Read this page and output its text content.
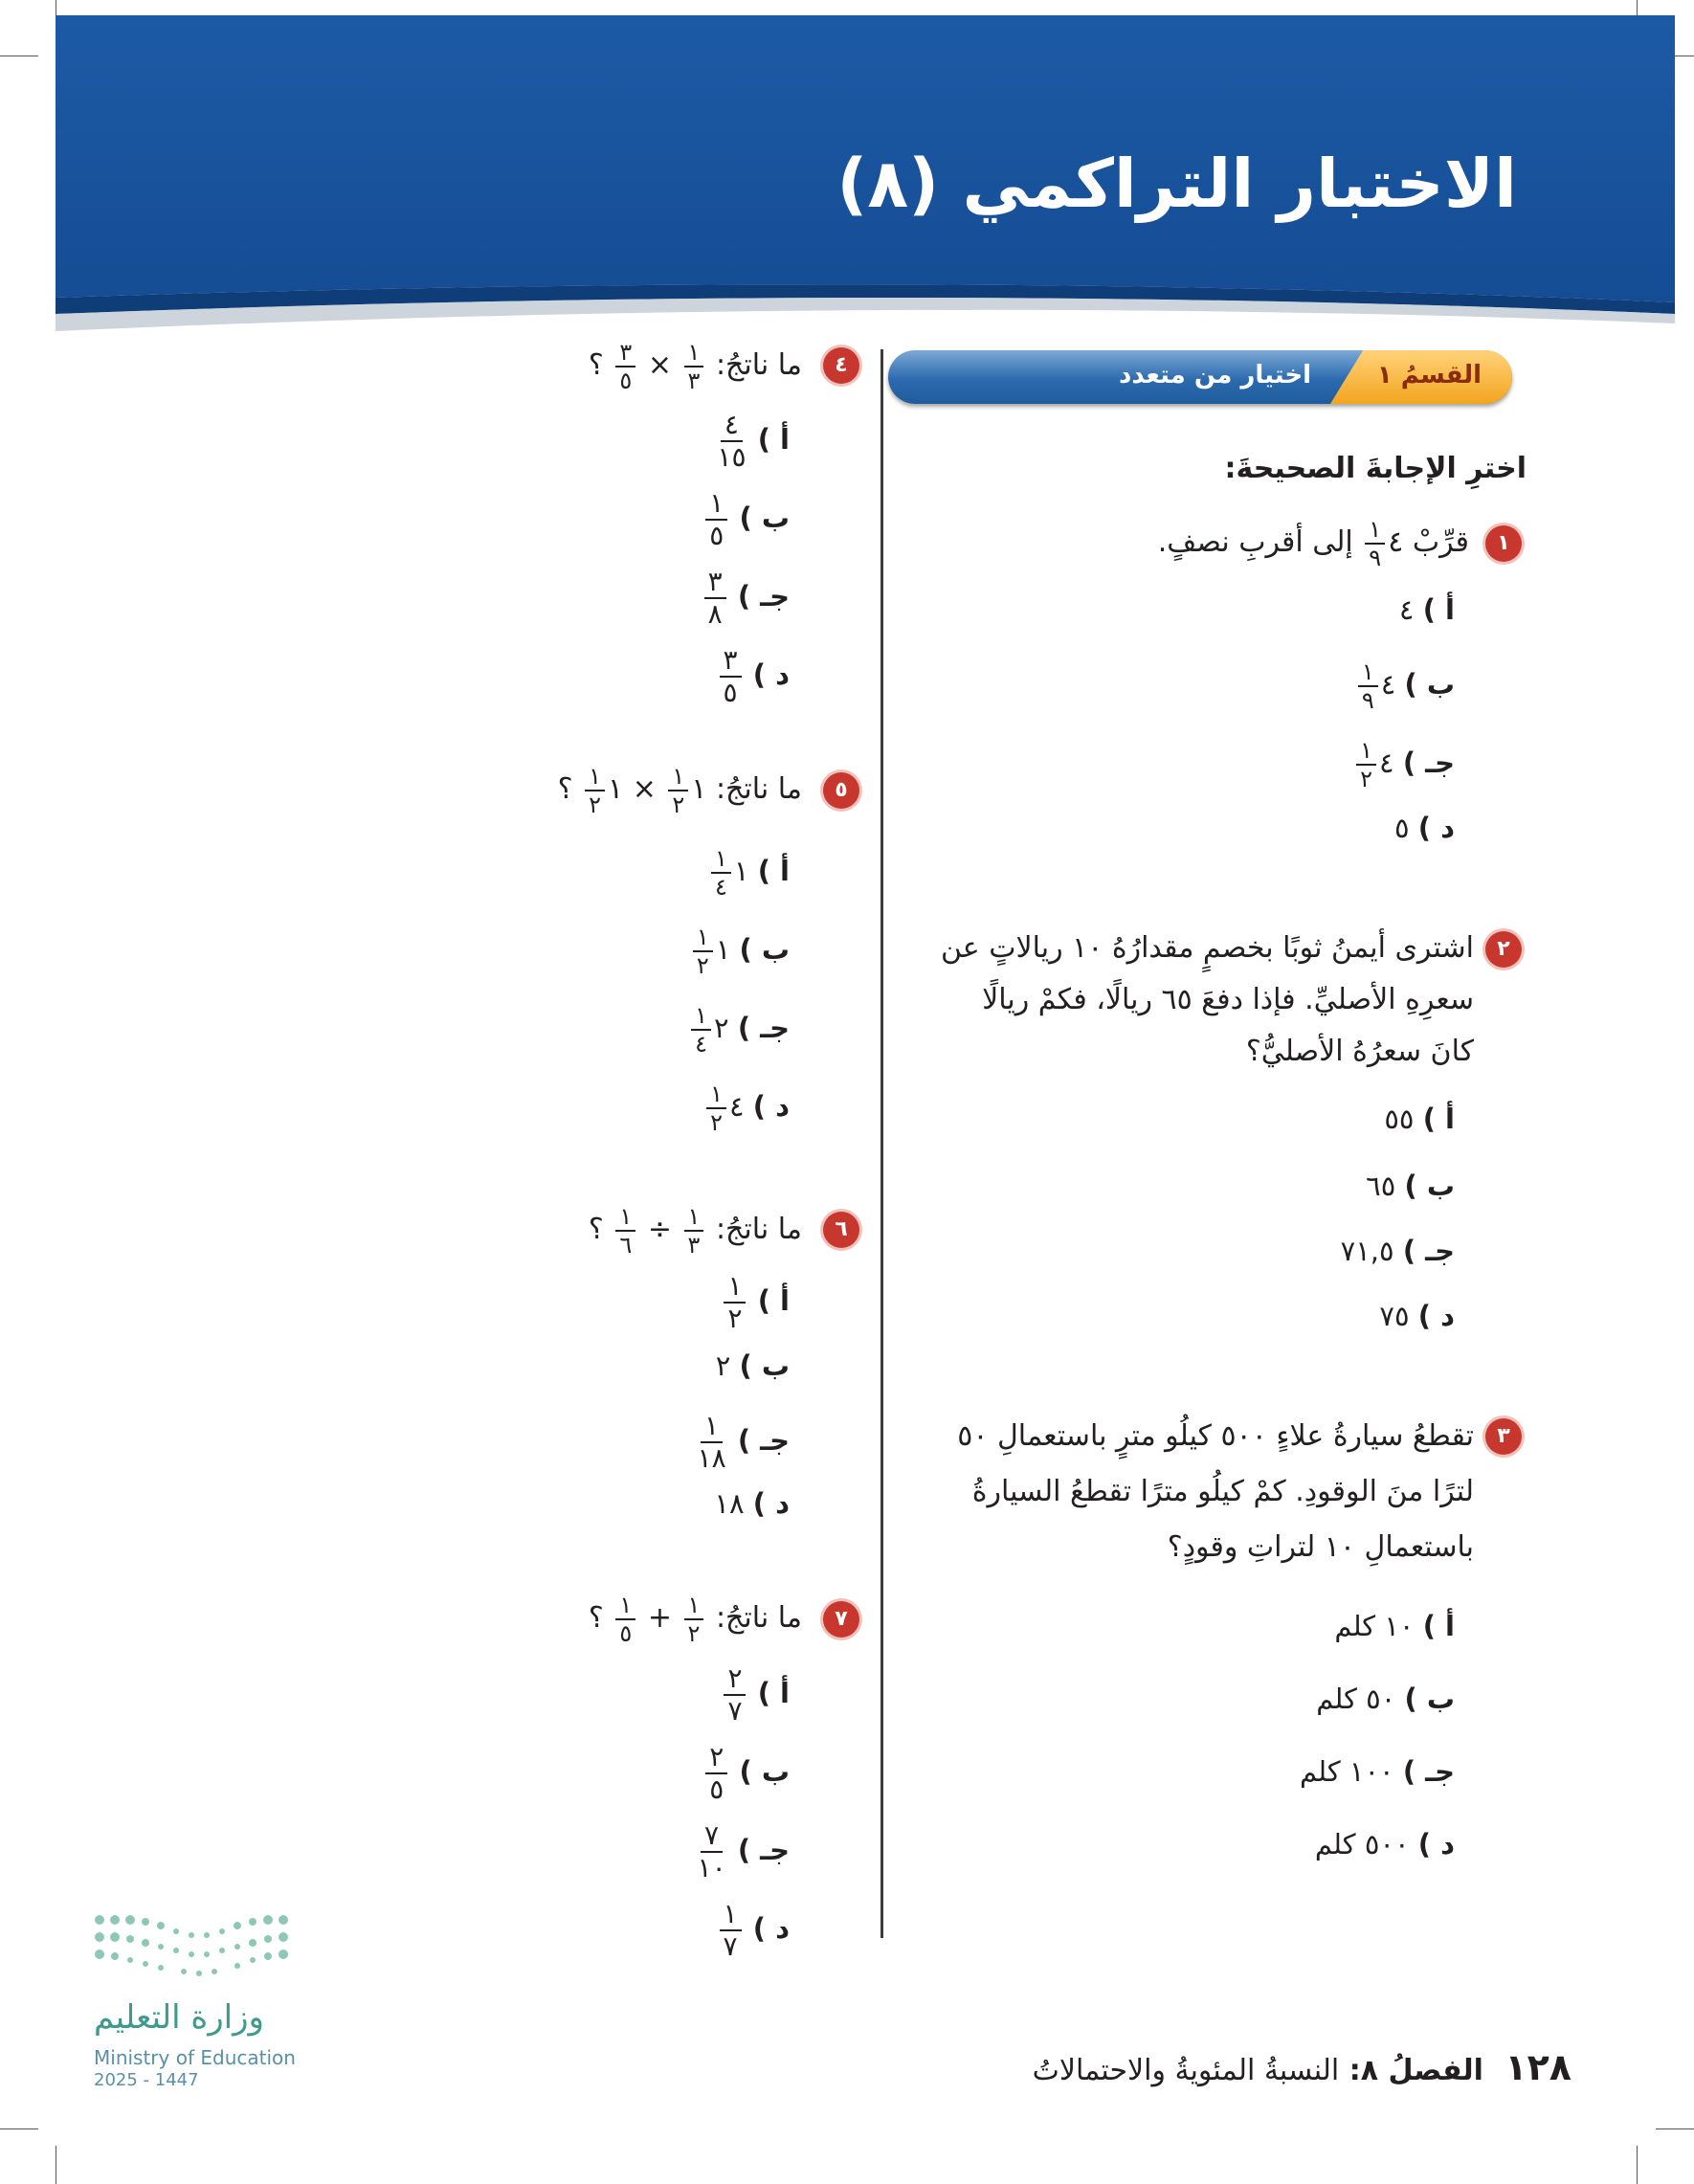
الاختبار التراكمي (٨)
القسمُ ١
اختيار من متعدد
اخترِ الإجابةَ الصحيحةَ:
١
قرِّبْ ٤
$\frac{١}{٩}$
إلى أقربِ نصفٍ.
أ ) ٤
ب ) ٤
$\frac{١}{٩}$
جـ ) ٤
$\frac{١}{٢}$
د ) ٥
٢
اشترى أيمنُ ثوبًا بخصمٍ مقدارُهُ ١٠ ريالاتٍ عن سعرِهِ الأصليِّ. فإذا دفعَ ٦٥ ريالًا، فكمْ ريالًا كانَ سعرُهُ الأصليُّ؟
أ ) ٥٥
ب ) ٦٥
جـ ) ٧١,٥
د ) ٧٥
٣
تقطعُ سيارةُ علاءٍ ٥٠٠ كيلُو مترٍ باستعمالِ ٥٠ لترًا منَ الوقودِ. كمْ كيلُو مترًا تقطعُ السيارةُ باستعمالِ ١٠ لتراتِ وقودٍ؟
أ ) ١٠ كلم
ب ) ٥٠ كلم
جـ ) ١٠٠ كلم
د ) ٥٠٠ كلم
٤
ما ناتجُ:
$\frac{١}{٣}$
×
$\frac{٣}{٥}$
؟
أ )
$\frac{٤}{١٥}$
ب )
$\frac{١}{٥}$
جـ )
$\frac{٣}{٨}$
د )
$\frac{٣}{٥}$
٥
ما ناتجُ: ١
$\frac{١}{٢}$
× ١
$\frac{١}{٢}$
؟
أ ) ١
$\frac{١}{٤}$
ب ) ١
$\frac{١}{٢}$
جـ ) ٢
$\frac{١}{٤}$
د ) ٤
$\frac{١}{٢}$
٦
ما ناتجُ:
$\frac{١}{٣}$
÷
$\frac{١}{٦}$
؟
أ )
$\frac{١}{٢}$
ب ) ٢
جـ )
$\frac{١}{١٨}$
د ) ١٨
٧
ما ناتجُ:
$\frac{١}{٢}$
+
$\frac{١}{٥}$
؟
أ )
$\frac{٢}{٧}$
ب )
$\frac{٢}{٥}$
جـ )
$\frac{٧}{١٠}$
د )
$\frac{١}{٧}$
وزارة التعليم
Ministry of Education
2025 - 1447	١٢٨ الفصلُ ٨: النسبةُ المئويةُ والاحتمالاتُ
